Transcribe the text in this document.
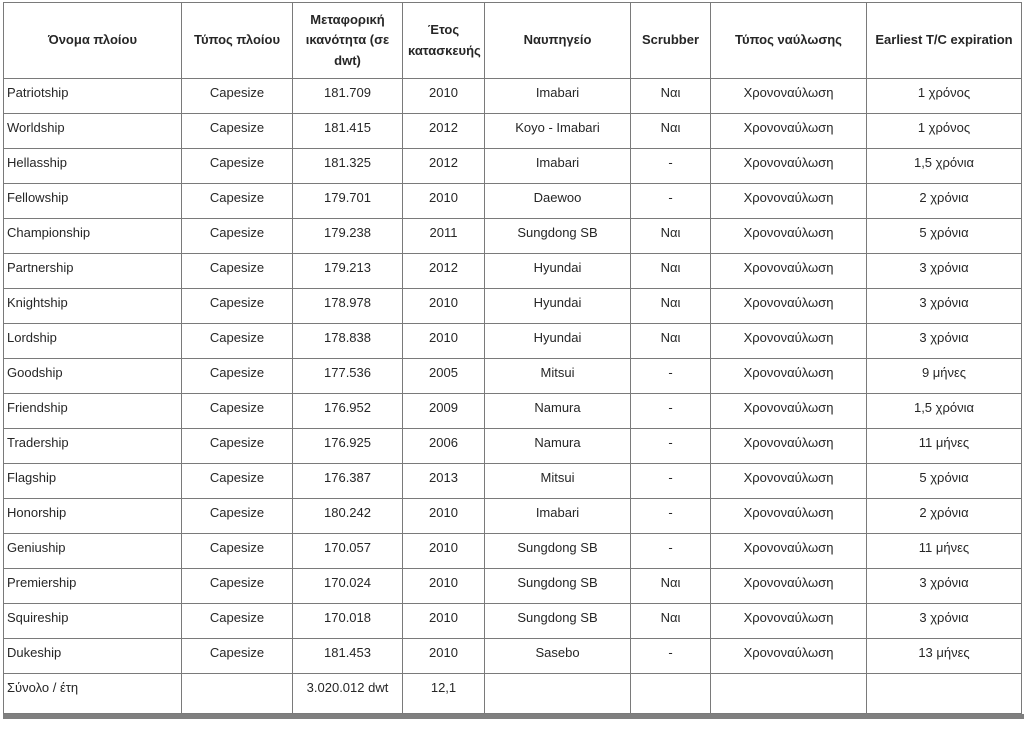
Όνομα πλοίου	Τύπος πλοίου	Μεταφορική ικανότητα (σε dwt)	Έτος κατασκευής	Ναυπηγείο	Scrubber	Τύπος ναύλωσης	Earliest T/C expiration
Patriotship	Capesize	181.709	2010	Imabari	Ναι	Χρονοναύλωση	1 χρόνος
Worldship	Capesize	181.415	2012	Koyo - Imabari	Ναι	Χρονοναύλωση	1 χρόνος
Hellasship	Capesize	181.325	2012	Imabari	-	Χρονοναύλωση	1,5 χρόνια
Fellowship	Capesize	179.701	2010	Daewoo	-	Χρονοναύλωση	2 χρόνια
Championship	Capesize	179.238	2011	Sungdong SB	Ναι	Χρονοναύλωση	5 χρόνια
Partnership	Capesize	179.213	2012	Hyundai	Ναι	Χρονοναύλωση	3 χρόνια
Knightship	Capesize	178.978	2010	Hyundai	Ναι	Χρονοναύλωση	3 χρόνια
Lordship	Capesize	178.838	2010	Hyundai	Ναι	Χρονοναύλωση	3 χρόνια
Goodship	Capesize	177.536	2005	Mitsui	-	Χρονοναύλωση	9 μήνες
Friendship	Capesize	176.952	2009	Namura	-	Χρονοναύλωση	1,5 χρόνια
Tradership	Capesize	176.925	2006	Namura	-	Χρονοναύλωση	11 μήνες
Flagship	Capesize	176.387	2013	Mitsui	-	Χρονοναύλωση	5 χρόνια
Honorship	Capesize	180.242	2010	Imabari	-	Χρονοναύλωση	2 χρόνια
Geniuship	Capesize	170.057	2010	Sungdong SB	-	Χρονοναύλωση	11 μήνες
Premiership	Capesize	170.024	2010	Sungdong SB	Ναι	Χρονοναύλωση	3 χρόνια
Squireship	Capesize	170.018	2010	Sungdong SB	Ναι	Χρονοναύλωση	3 χρόνια
Dukeship	Capesize	181.453	2010	Sasebo	-	Χρονοναύλωση	13 μήνες
Σύνολο / έτη		3.020.012 dwt	12,1				
